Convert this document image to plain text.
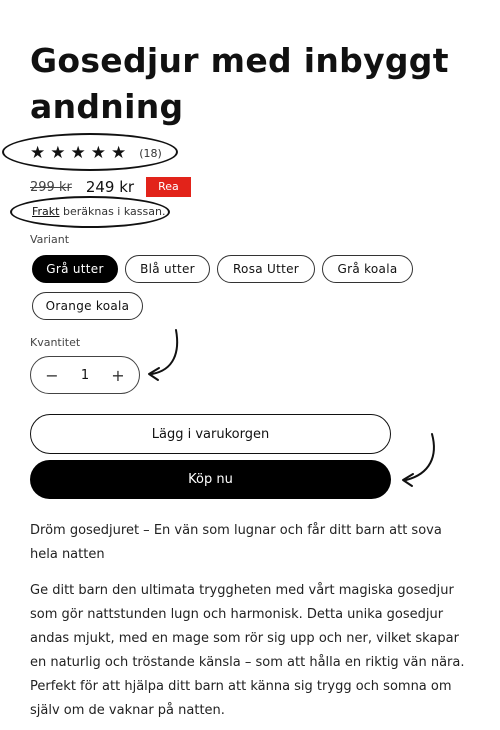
Gosedjur med inbyggt andning
★ ★ ★ ★ ★ (18)
299 kr 249 kr	Rea
Frakt beräknas i kassan.
Variant
Grå utter	Blå utter	Rosa Utter	Grå koala
Orange koala
Kvantitet
− 1 +
Lägg i varukorgen
Köp nu
Dröm gosedjuret – En vän som lugnar och får ditt barn att sova hela natten
Ge ditt barn den ultimata tryggheten med vårt magiska gosedjur som gör nattstunden lugn och harmonisk. Detta unika gosedjur andas mjukt, med en mage som rör sig upp och ner, vilket skapar en naturlig och tröstande känsla – som att hålla en riktig vän nära. Perfekt för att hjälpa ditt barn att känna sig trygg och somna om själv om de vaknar på natten.
